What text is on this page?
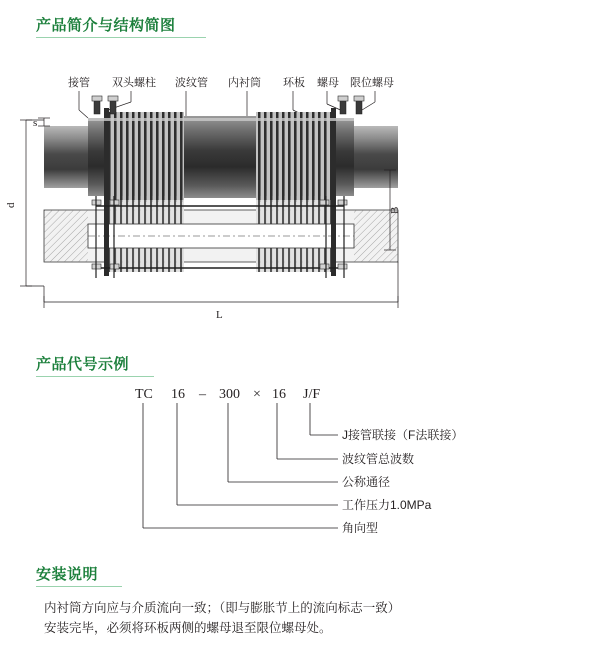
产品简介与结构简图
接管 双头螺柱 波纹管 内衬筒 环板 螺母 限位螺母
s
d
B
L
产品代号示例
TC 16 – 300 × 16 J/F
J接管联接（F法联接）
波纹管总波数
公称通径
工作压力1.0MPa
角向型
安装说明
内衬筒方向应与介质流向一致；（即与膨胀节上的流向标志一致）
安装完毕，必须将环板两侧的螺母退至限位螺母处。
